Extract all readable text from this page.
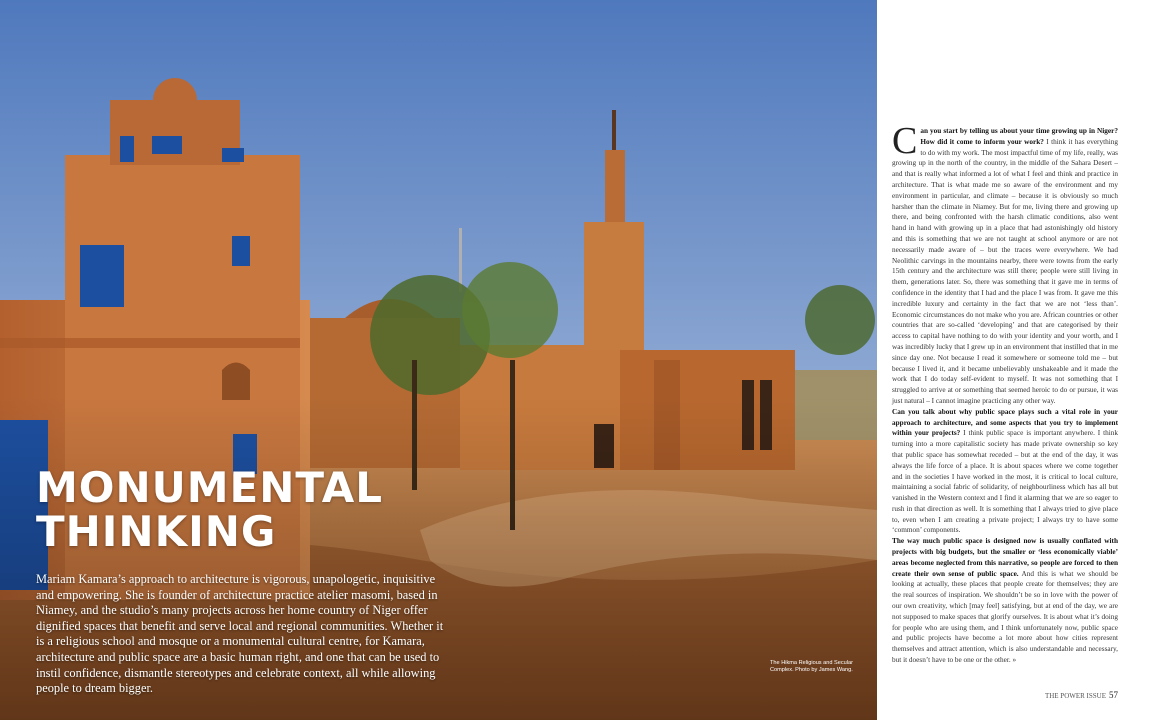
MONUMENTAL
THINKING

Mariam Kamara’s approach to architecture is vigorous, unapologetic, inquisitive and empowering. She is founder of architecture practice atelier masomi, based in Niamey, and the studio’s many projects across her home country of Niger offer dignified spaces that benefit and serve local and regional communities. Whether it is a religious school and mosque or a monumental cultural centre, for Kamara, architecture and public space are a basic human right, and one that can be used to instil confidence, dismantle stereotypes and celebrate context, all while allowing people to dream bigger.

The Hikma Religious and Secular Complex. Photo by James Wang.

Can you start by telling us about your time growing up in Niger? How did it come to inform your work? I think it has everything to do with my work. The most impactful time of my life, really, was growing up in the north of the country, in the middle of the Sahara Desert – and that is really what informed a lot of what I feel and think and practice in architecture. That is what made me so aware of the environment and my environment in particular, and climate – because it is obviously so much harsher than the climate in Niamey. But for me, living there and growing up there, and being confronted with the harsh climatic conditions, also went hand in hand with growing up in a place that had astonishingly old history and this is something that we are not taught at school anymore or are not necessarily made aware of – but the traces were everywhere. We had Neolithic carvings in the mountains nearby, there were towns from the early 15th century and the architecture was still there; people were still living in them, generations later. So, there was something that it gave me in terms of confidence in the identity that I had and the place I was from. It gave me this incredible luxury and certainty in the fact that we are not ‘less than’. Economic circumstances do not make who you are. African countries or other countries that are so-called ‘developing’ and that are categorised by their access to capital have nothing to do with your identity and your worth, and I was incredibly lucky that I grew up in an environment that instilled that in me since day one. Not because I read it somewhere or someone told me – but because I lived it, and it became unbelievably unshakeable and it made the work that I do today self-evident to myself. It was not something that I struggled to arrive at or something that seemed heroic to do or pursue, it was just natural – I cannot imagine practicing any other way.

Can you talk about why public space plays such a vital role in your approach to architecture, and some aspects that you try to implement within your projects? I think public space is important anywhere. I think turning into a more capitalistic society has made private ownership so key that public space has somewhat receded – but at the end of the day, it was always the life force of a place. It is about spaces where we come together and in the societies I have worked in the most, it is critical to local culture, maintaining a social fabric of solidarity, of neighbourliness which has all but vanished in the Western context and I find it alarming that we are so eager to rush in that direction as well. It is something that I always tried to give place to, even when I am creating a private project; I always try to have some ‘common’ components.

The way much public space is designed now is usually conflated with projects with big budgets, but the smaller or ‘less economically viable’ areas become neglected from this narrative, so people are forced to then create their own sense of public space. And this is what we should be looking at actually, these places that people create for themselves; they are the real sources of inspiration. We shouldn’t be so in love with the power of our own creativity, which [may feel] satisfying, but at end of the day, we are not supposed to make spaces that glorify ourselves. It is about what it’s doing for people who are using them, and I think unfortunately now, public space and public projects have become a lot more about how cities represent themselves and attract attention, which is also understandable and necessary, but it doesn’t have to be one or the other. »

THE POWER ISSUE 57
